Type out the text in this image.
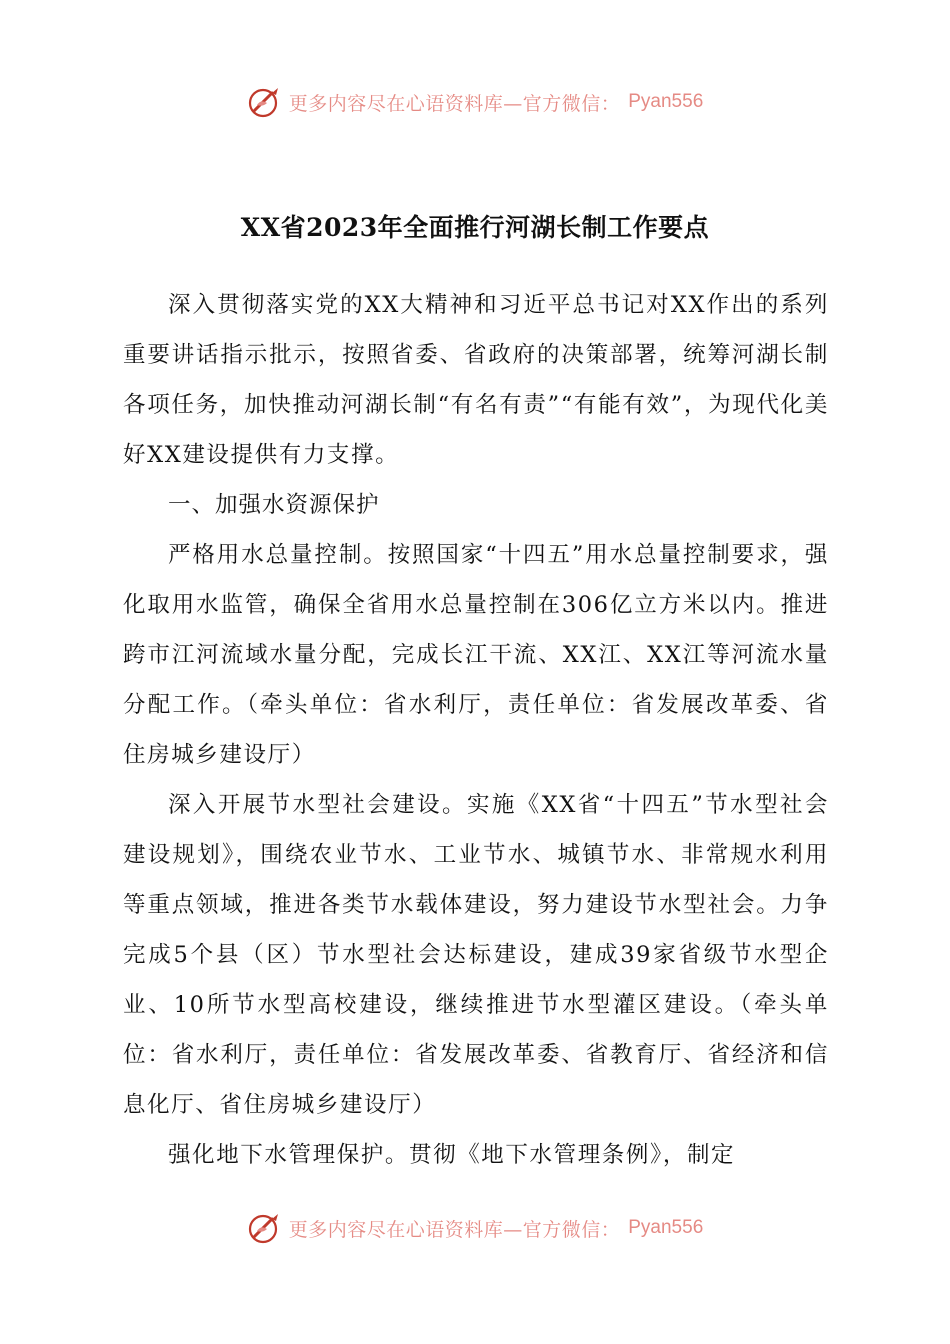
更多内容尽在心语资料库—官方微信： Pyan556
XX省2023年全面推行河湖长制工作要点

深入贯彻落实党的XX大精神和习近平总书记对XX作出的系列重要讲话指示批示，按照省委、省政府的决策部署，统筹河湖长制各项任务，加快推动河湖长制“有名有责”“有能有效”，为现代化美好XX建设提供有力支撑。

一、加强水资源保护

严格用水总量控制。按照国家“十四五”用水总量控制要求，强化取用水监管，确保全省用水总量控制在306亿立方米以内。推进跨市江河流域水量分配，完成长江干流、XX江、XX江等河流水量分配工作。（牵头单位：省水利厅，责任单位：省发展改革委、省住房城乡建设厅）

深入开展节水型社会建设。实施《XX省“十四五”节水型社会建设规划》，围绕农业节水、工业节水、城镇节水、非常规水利用等重点领域，推进各类节水载体建设，努力建设节水型社会。力争完成5个县（区）节水型社会达标建设，建成39家省级节水型企业、10所节水型高校建设，继续推进节水型灌区建设。（牵头单位：省水利厅，责任单位：省发展改革委、省教育厅、省经济和信息化厅、省住房城乡建设厅）

强化地下水管理保护。贯彻《地下水管理条例》，制定

更多内容尽在心语资料库—官方微信： Pyan556
